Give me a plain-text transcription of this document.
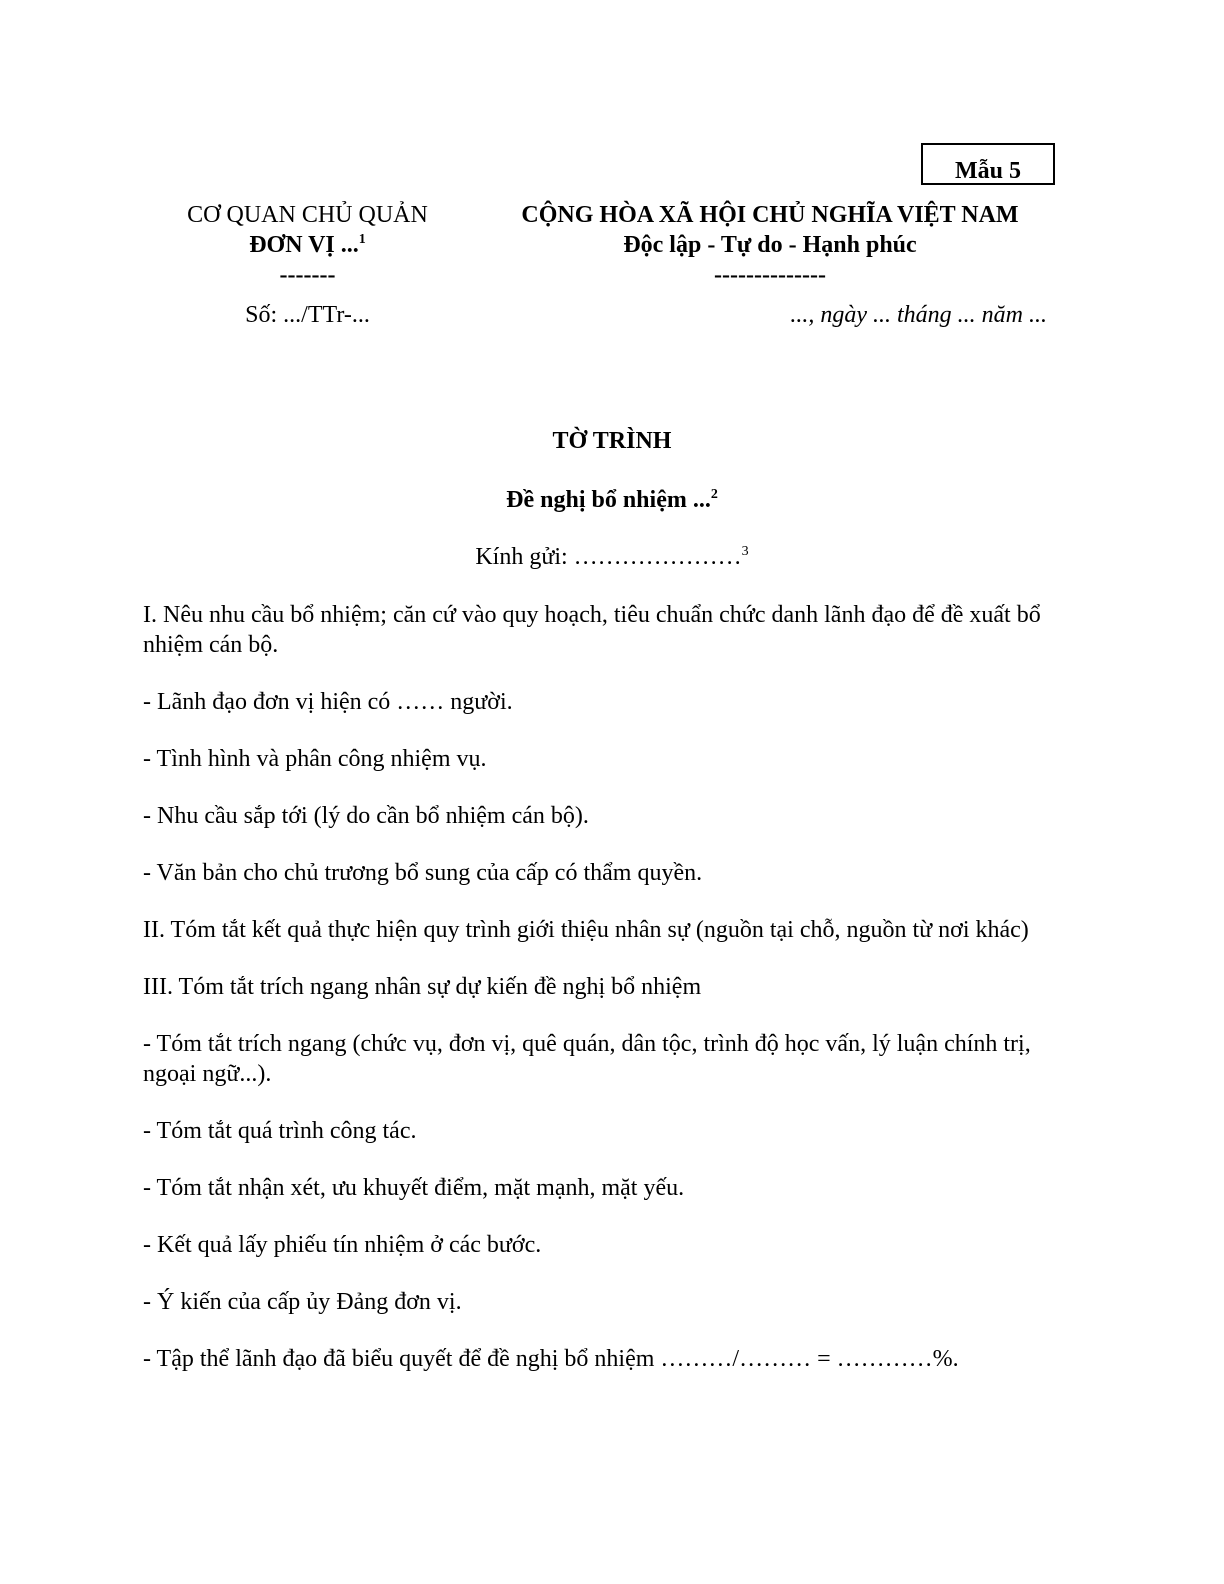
Mẫu 5
CƠ QUAN CHỦ QUẢN
ĐƠN VỊ ...$^1$
-------
CỘNG HÒA XÃ HỘI CHỦ NGHĨA VIỆT NAM
Độc lập - Tự do - Hạnh phúc
--------------
Số: .../TTr-...	..., ngày ... tháng ... năm ...
TỜ TRÌNH
Đề nghị bổ nhiệm ...$^2$
Kính gửi: …………………$^3$

I. Nêu nhu cầu bổ nhiệm; căn cứ vào quy hoạch, tiêu chuẩn chức danh lãnh đạo để đề xuất bổ nhiệm cán bộ.

- Lãnh đạo đơn vị hiện có …… người.

- Tình hình và phân công nhiệm vụ.

- Nhu cầu sắp tới (lý do cần bổ nhiệm cán bộ).

- Văn bản cho chủ trương bổ sung của cấp có thẩm quyền.

II. Tóm tắt kết quả thực hiện quy trình giới thiệu nhân sự (nguồn tại chỗ, nguồn từ nơi khác)

III. Tóm tắt trích ngang nhân sự dự kiến đề nghị bổ nhiệm

- Tóm tắt trích ngang (chức vụ, đơn vị, quê quán, dân tộc, trình độ học vấn, lý luận chính trị, ngoại ngữ...).

- Tóm tắt quá trình công tác.

- Tóm tắt nhận xét, ưu khuyết điểm, mặt mạnh, mặt yếu.

- Kết quả lấy phiếu tín nhiệm ở các bước.

- Ý kiến của cấp ủy Đảng đơn vị.

- Tập thể lãnh đạo đã biểu quyết để đề nghị bổ nhiệm ………/……… = …………%.
